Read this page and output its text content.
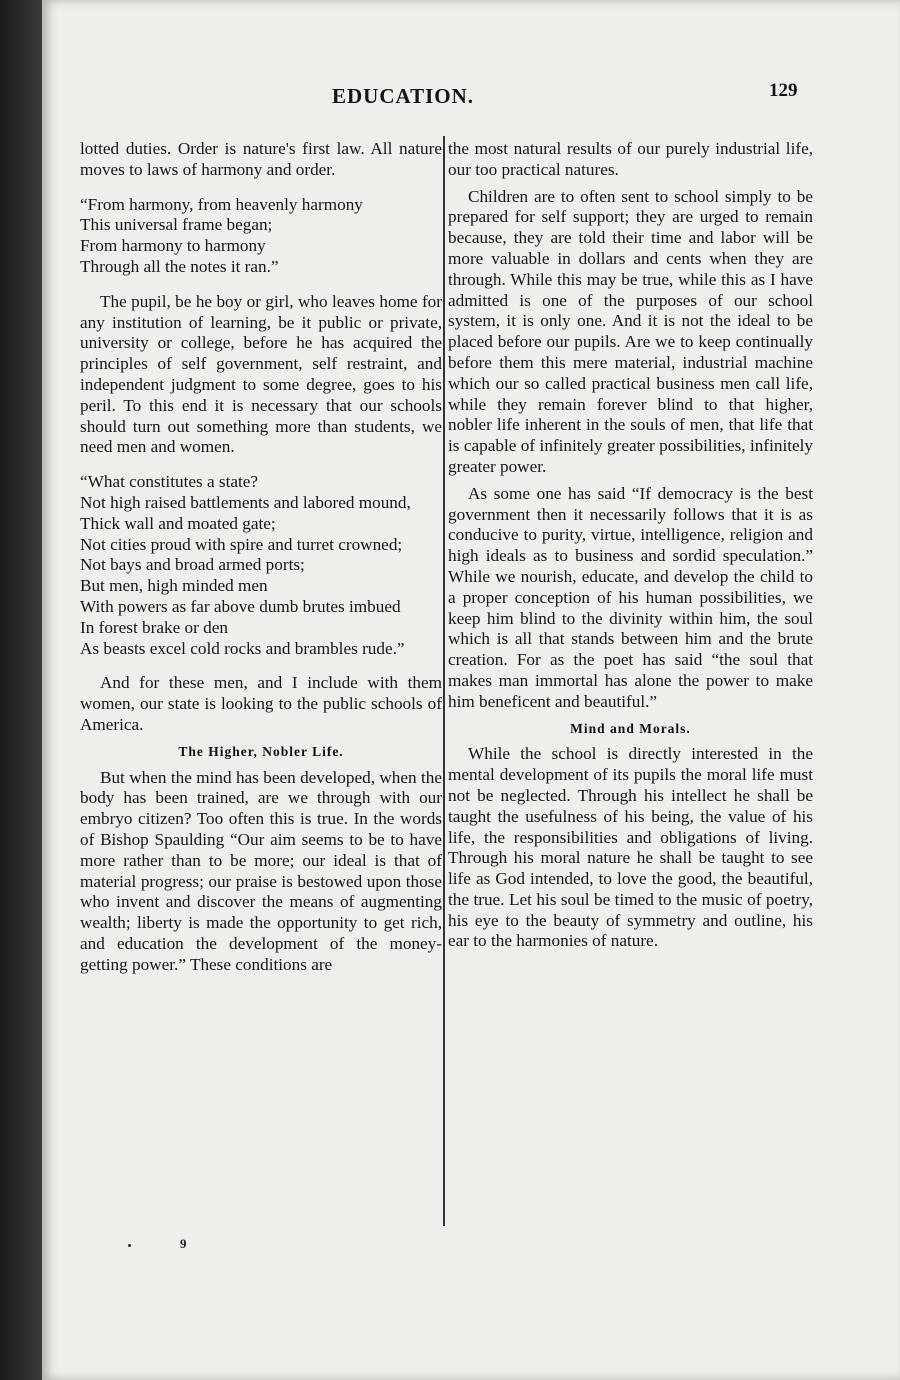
EDUCATION.	129

lotted duties. Order is nature's first law. All nature moves to laws of harmony and order.

“From harmony, from heavenly harmony
This universal frame began;
From harmony to harmony
Through all the notes it ran.”

The pupil, be he boy or girl, who leaves home for any institution of learning, be it public or private, university or college, before he has acquired the principles of self government, self restraint, and independent judgment to some degree, goes to his peril. To this end it is necessary that our schools should turn out something more than students, we need men and women.

“What constitutes a state?
Not high raised battlements and labored mound,
Thick wall and moated gate;
Not cities proud with spire and turret crowned;
Not bays and broad armed ports;
But men, high minded men
With powers as far above dumb brutes imbued
In forest brake or den
As beasts excel cold rocks and brambles rude.”

And for these men, and I include with them women, our state is looking to the public schools of America.

The Higher, Nobler Life.

But when the mind has been developed, when the body has been trained, are we through with our embryo citizen? Too often this is true. In the words of Bishop Spaulding “Our aim seems to be to have more rather than to be more; our ideal is that of material progress; our praise is bestowed upon those who invent and discover the means of augmenting wealth; liberty is made the opportunity to get rich, and education the development of the money-getting power.” These conditions are

the most natural results of our purely industrial life, our too practical natures.

Children are to often sent to school simply to be prepared for self support; they are urged to remain because, they are told their time and labor will be more valuable in dollars and cents when they are through. While this may be true, while this as I have admitted is one of the purposes of our school system, it is only one. And it is not the ideal to be placed before our pupils. Are we to keep continually before them this mere material, industrial machine which our so called practical business men call life, while they remain forever blind to that higher, nobler life inherent in the souls of men, that life that is capable of infinitely greater possibilities, infinitely greater power.

As some one has said “If democracy is the best government then it necessarily follows that it is as conducive to purity, virtue, intelligence, religion and high ideals as to business and sordid speculation.” While we nourish, educate, and develop the child to a proper conception of his human possibilities, we keep him blind to the divinity within him, the soul which is all that stands between him and the brute creation. For as the poet has said “the soul that makes man immortal has alone the power to make him beneficent and beautiful.”

Mind and Morals.

While the school is directly interested in the mental development of its pupils the moral life must not be neglected. Through his intellect he shall be taught the usefulness of his being, the value of his life, the responsibilities and obligations of living. Through his moral nature he shall be taught to see life as God intended, to love the good, the beautiful, the true. Let his soul be timed to the music of poetry, his eye to the beauty of symmetry and outline, his ear to the harmonies of nature.

9
